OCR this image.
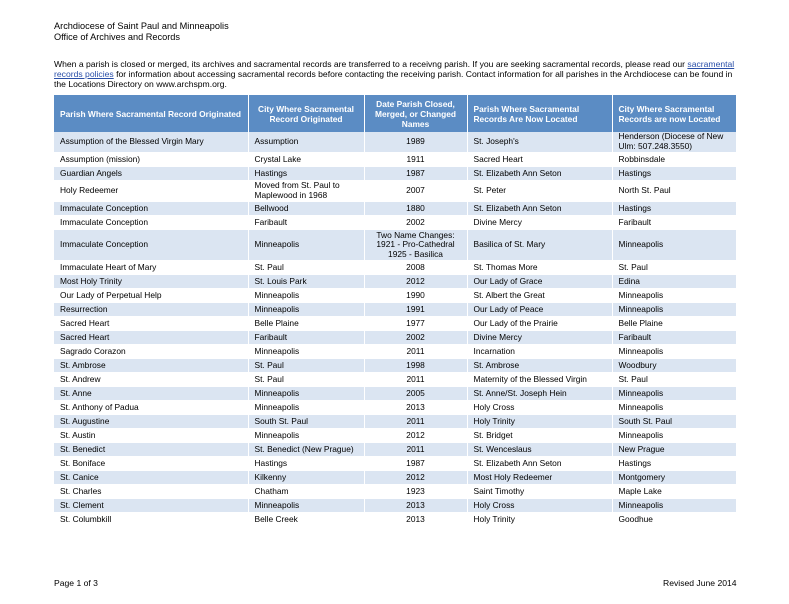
Archdiocese of Saint Paul and Minneapolis
Office of Archives and Records
When a parish is closed or merged, its archives and sacramental records are transferred to a receivng parish. If you are seeking sacramental records, please read our sacramental records policies for information about accessing sacramental records before contacting the receiving parish. Contact information for all parishes in the Archdiocese can be found in the Locations Directory on www.archspm.org.
Parish Where Sacramental Record Originated	City Where Sacramental Record Originated	Date Parish Closed, Merged, or Changed Names	Parish Where Sacramental Records Are Now Located	City Where Sacramental Records are now Located
Assumption of the Blessed Virgin Mary	Assumption	1989	St. Joseph's	Henderson (Diocese of New Ulm: 507.248.3550)
Assumption (mission)	Crystal Lake	1911	Sacred Heart	Robbinsdale
Guardian Angels	Hastings	1987	St. Elizabeth Ann Seton	Hastings
Holy Redeemer	Moved from St. Paul to Maplewood in 1968	2007	St. Peter	North St. Paul
Immaculate Conception	Bellwood	1880	St. Elizabeth Ann Seton	Hastings
Immaculate Conception	Faribault	2002	Divine Mercy	Faribault
Immaculate Conception	Minneapolis	Two Name Changes: 1921 - Pro-Cathedral 1925 - Basilica	Basilica of St. Mary	Minneapolis
Immaculate Heart of Mary	St. Paul	2008	St. Thomas More	St. Paul
Most Holy Trinity	St. Louis Park	2012	Our Lady of Grace	Edina
Our Lady of Perpetual Help	Minneapolis	1990	St. Albert the Great	Minneapolis
Resurrection	Minneapolis	1991	Our Lady of Peace	Minneapolis
Sacred Heart	Belle Plaine	1977	Our Lady of the Prairie	Belle Plaine
Sacred Heart	Faribault	2002	Divine Mercy	Faribault
Sagrado Corazon	Minneapolis	2011	Incarnation	Minneapolis
St. Ambrose	St. Paul	1998	St. Ambrose	Woodbury
St. Andrew	St. Paul	2011	Maternity of the Blessed Virgin	St. Paul
St. Anne	Minneapolis	2005	St. Anne/St. Joseph Hein	Minneapolis
St. Anthony of Padua	Minneapolis	2013	Holy Cross	Minneapolis
St. Augustine	South St. Paul	2011	Holy Trinity	South St. Paul
St. Austin	Minneapolis	2012	St. Bridget	Minneapolis
St. Benedict	St. Benedict (New Prague)	2011	St. Wenceslaus	New Prague
St. Boniface	Hastings	1987	St. Elizabeth Ann Seton	Hastings
St. Canice	Kilkenny	2012	Most Holy Redeemer	Montgomery
St. Charles	Chatham	1923	Saint Timothy	Maple Lake
St. Clement	Minneapolis	2013	Holy Cross	Minneapolis
St. Columbkill	Belle Creek	2013	Holy Trinity	Goodhue
Page 1 of 3	Revised June 2014
